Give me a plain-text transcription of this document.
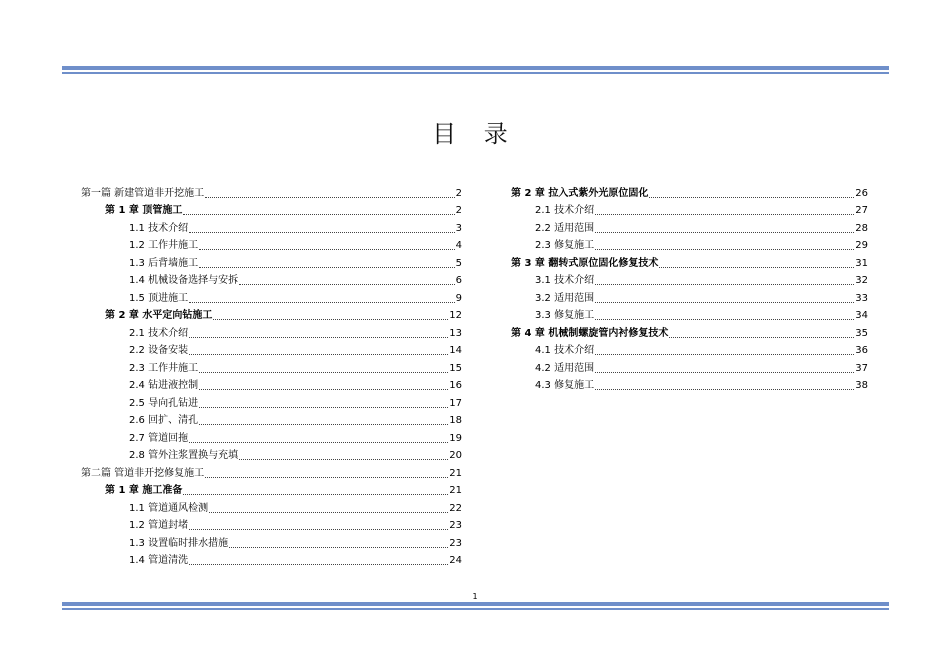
目 录
第一篇 新建管道非开挖施工	2
第 1 章 顶管施工	2
1.1 技术介绍	3
1.2 工作井施工	4
1.3 后背墙施工	5
1.4 机械设备选择与安拆	6
1.5 顶进施工	9
第 2 章 水平定向钻施工	12
2.1 技术介绍	13
2.2 设备安装	14
2.3 工作井施工	15
2.4 钻进液控制	16
2.5 导向孔钻进	17
2.6 回扩、清孔	18
2.7 管道回拖	19
2.8 管外注浆置换与充填	20
第二篇 管道非开挖修复施工	21
第 1 章 施工准备	21
1.1 管道通风检测	22
1.2 管道封堵	23
1.3 设置临时排水措施	23
1.4 管道清洗	24
第 2 章 拉入式紫外光原位固化	26
2.1 技术介绍	27
2.2 适用范围	28
2.3 修复施工	29
第 3 章 翻转式原位固化修复技术	31
3.1 技术介绍	32
3.2 适用范围	33
3.3 修复施工	34
第 4 章 机械制螺旋管内衬修复技术	35
4.1 技术介绍	36
4.2 适用范围	37
4.3 修复施工	38
1
